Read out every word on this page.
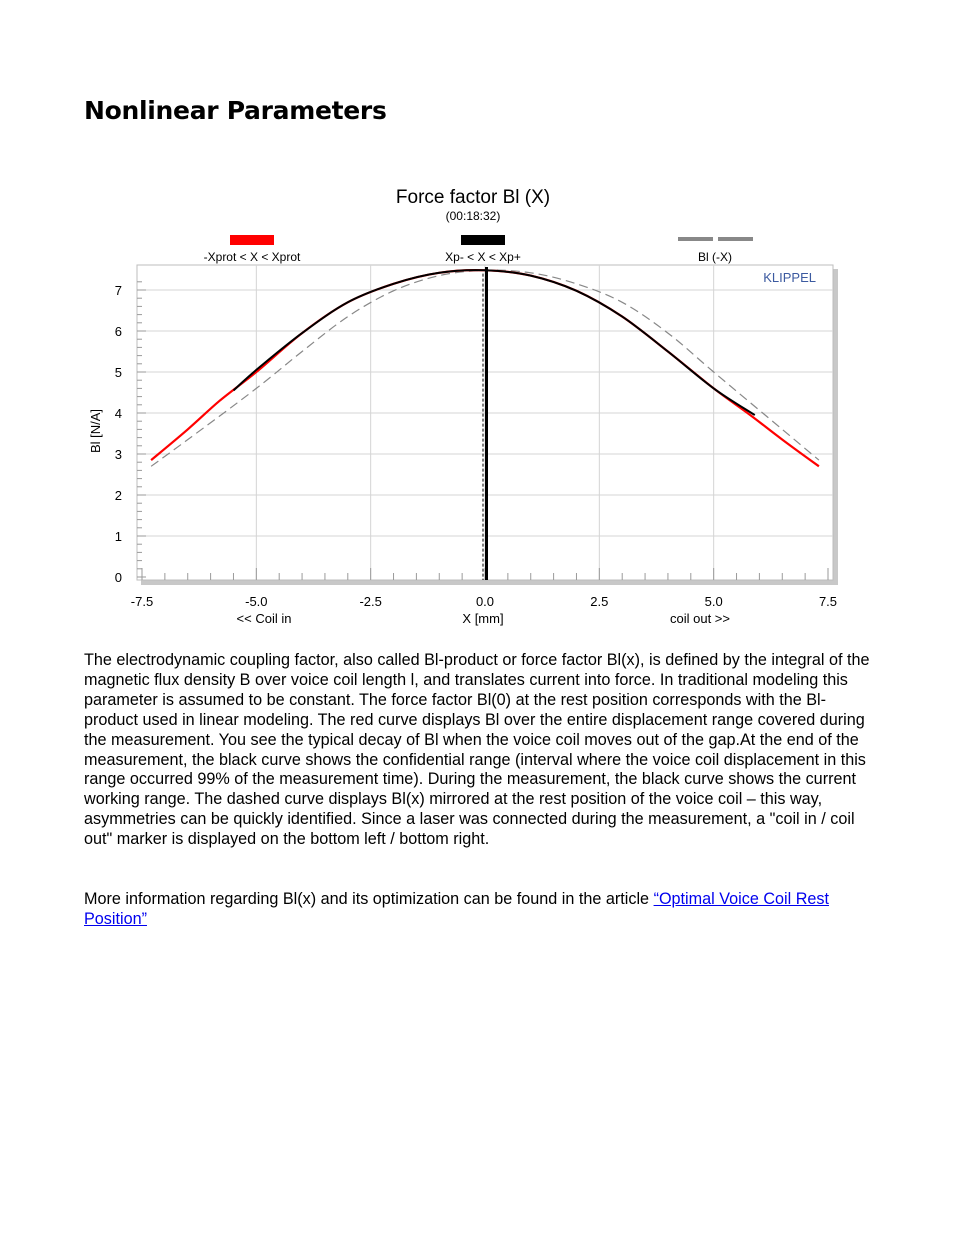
Nonlinear Parameters
Force factor Bl (X)
(00:18:32)
-Xprot < X < Xprot	Xp- < X < Xp+	Bl (-X)
-7.5	-5.0	-2.5	0.0	2.5	5.0	7.5
0
1
2
3
4
5
6
7
KLIPPEL
Bl [N/A]
<< Coil in	X [mm]	coil out >>

The electrodynamic coupling factor, also called Bl-product or force factor Bl(x), is defined by the integral of the magnetic flux density B over voice coil length l, and translates current into force. In traditional modeling this parameter is assumed to be constant. The force factor Bl(0) at the rest position corresponds with the Bl-product used in linear modeling. The red curve displays Bl over the entire displacement range covered during the measurement. You see the typical decay of Bl when the voice coil moves out of the gap.At the end of the measurement, the black curve shows the confidential range (interval where the voice coil displacement in this range occurred 99% of the measurement time). During the measurement, the black curve shows the current working range. The dashed curve displays Bl(x) mirrored at the rest position of the voice coil – this way, asymmetries can be quickly identified. Since a laser was connected during the measurement, a "coil in / coil out" marker is displayed on the bottom left / bottom right.

More information regarding Bl(x) and its optimization can be found in the article “Optimal Voice Coil Rest Position”
